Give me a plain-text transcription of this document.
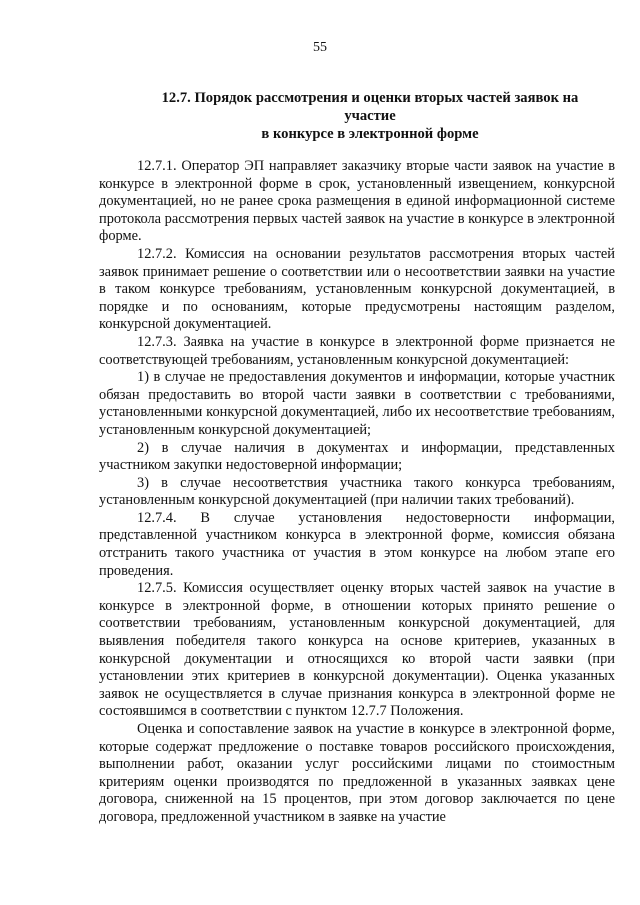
55
12.7. Порядок рассмотрения и оценки вторых частей заявок на
участие
в конкурсе в электронной форме

12.7.1. Оператор ЭП направляет заказчику вторые части заявок на участие в конкурсе в электронной форме в срок, установленный извещением, конкурсной документацией, но не ранее срока размещения в единой информационной системе протокола рассмотрения первых частей заявок на участие в конкурсе в электронной форме.

12.7.2. Комиссия на основании результатов рассмотрения вторых частей заявок принимает решение о соответствии или о несоответствии заявки на участие в таком конкурсе требованиям, установленным конкурсной документацией, в порядке и по основаниям, которые предусмотрены настоящим разделом, конкурсной документацией.

12.7.3. Заявка на участие в конкурсе в электронной форме признается не соответствующей требованиям, установленным конкурсной документацией:

1) в случае не предоставления документов и информации, которые участник обязан предоставить во второй части заявки в соответствии с требованиями, установленными конкурсной документацией, либо их несоответствие требованиям, установленным конкурсной документацией;

2) в случае наличия в документах и информации, представленных участником закупки недостоверной информации;

3) в случае несоответствия участника такого конкурса требованиям, установленным конкурсной документацией (при наличии таких требований).

12.7.4. В случае установления недостоверности информации, представленной участником конкурса в электронной форме, комиссия обязана отстранить такого участника от участия в этом конкурсе на любом этапе его проведения.

12.7.5. Комиссия осуществляет оценку вторых частей заявок на участие в конкурсе в электронной форме, в отношении которых принято решение о соответствии требованиям, установленным конкурсной документацией, для выявления победителя такого конкурса на основе критериев, указанных в конкурсной документации и относящихся ко второй части заявки (при установлении этих критериев в конкурсной документации). Оценка указанных заявок не осуществляется в случае признания конкурса в электронной форме не состоявшимся в соответствии с пунктом 12.7.7 Положения.

Оценка и сопоставление заявок на участие в конкурсе в электронной форме, которые содержат предложение о поставке товаров российского происхождения, выполнении работ, оказании услуг российскими лицами по стоимостным критериям оценки производятся по предложенной в указанных заявках цене договора, сниженной на 15 процентов, при этом договор заключается по цене договора, предложенной участником в заявке на участие
